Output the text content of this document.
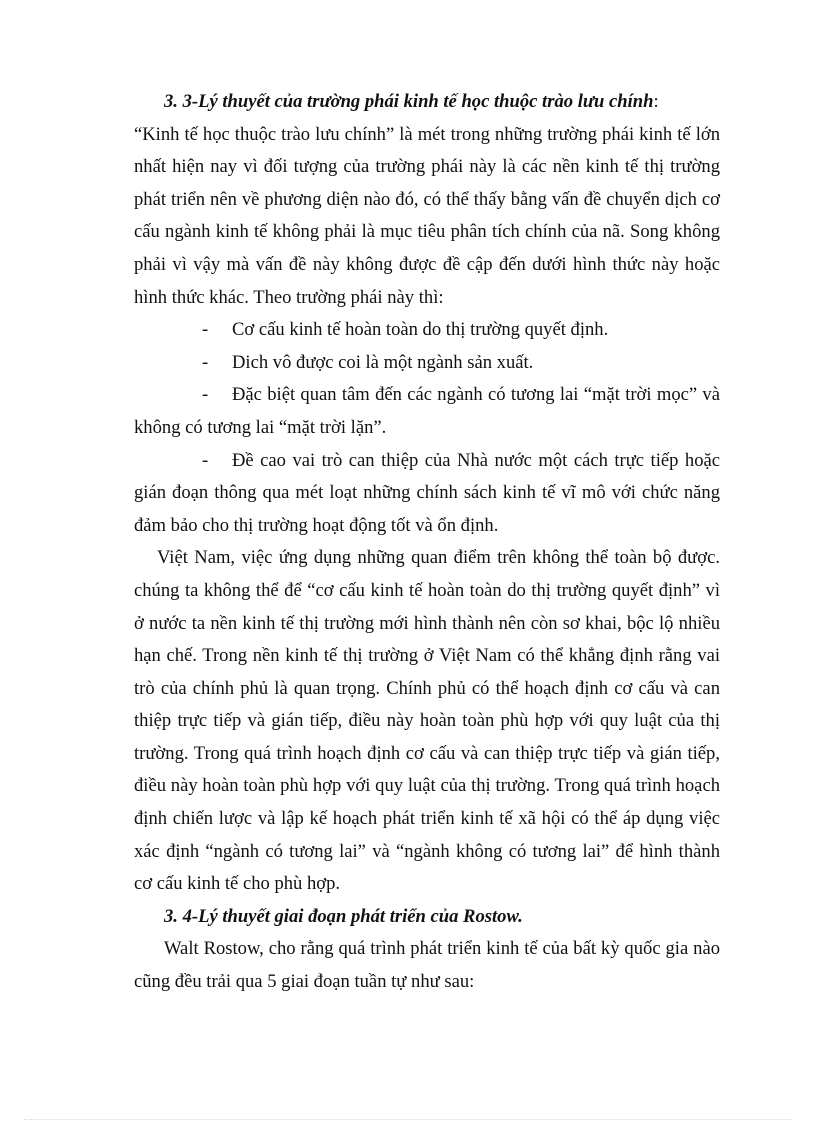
3. 3-Lý thuyết của trường phái kinh tế học thuộc trào lưu chính:

“Kinh tế học thuộc trào lưu chính” là mét trong những trường phái kinh tế lớn nhất hiện nay vì đối tượng của trường phái này là các nền kinh tế thị trường phát triển nên về phương diện nào đó, có thể thấy bằng vấn đề chuyển dịch cơ cấu ngành kinh tế không phải là mục tiêu phân tích chính của nã. Song không phải vì vậy mà vấn đề này không được đề cập đến dưới hình thức này hoặc hình thức khác. Theo trường phái này thì:

- Cơ cấu kinh tế hoàn toàn do thị trường quyết định.

- Dich vô được coi là một ngành sản xuất.

- Đặc biệt quan tâm đến các ngành có tương lai “mặt trời mọc” và không có tương lai “mặt trời lặn”.

- Đề cao vai trò can thiệp của Nhà nước một cách trực tiếp hoặc gián đoạn thông qua mét loạt những chính sách kinh tế vĩ mô với chức năng đảm bảo cho thị trường hoạt động tốt và ổn định.

Việt Nam, việc ứng dụng những quan điểm trên không thể toàn bộ được. chúng ta không thể để “cơ cấu kinh tế hoàn toàn do thị trường quyết định” vì ở nước ta nền kinh tế thị trường mới hình thành nên còn sơ khai, bộc lộ nhiều hạn chế. Trong nền kinh tế thị trường ở Việt Nam có thể khẳng định rằng vai trò của chính phủ là quan trọng. Chính phủ có thể hoạch định cơ cấu và can thiệp trực tiếp và gián tiếp, điều này hoàn toàn phù hợp với quy luật của thị trường. Trong quá trình hoạch định cơ cấu và can thiệp trực tiếp và gián tiếp, điều này hoàn toàn phù hợp với quy luật của thị trường. Trong quá trình hoạch định chiến lược và lập kế hoạch phát triển kinh tế xã hội có thể áp dụng việc xác định “ngành có tương lai” và “ngành không có tương lai” để hình thành cơ cấu kinh tế cho phù hợp.

3. 4-Lý thuyết giai đoạn phát triển của Rostow.

Walt Rostow, cho rằng quá trình phát triển kinh tế của bất kỳ quốc gia nào cũng đều trải qua 5 giai đoạn tuần tự như sau:
